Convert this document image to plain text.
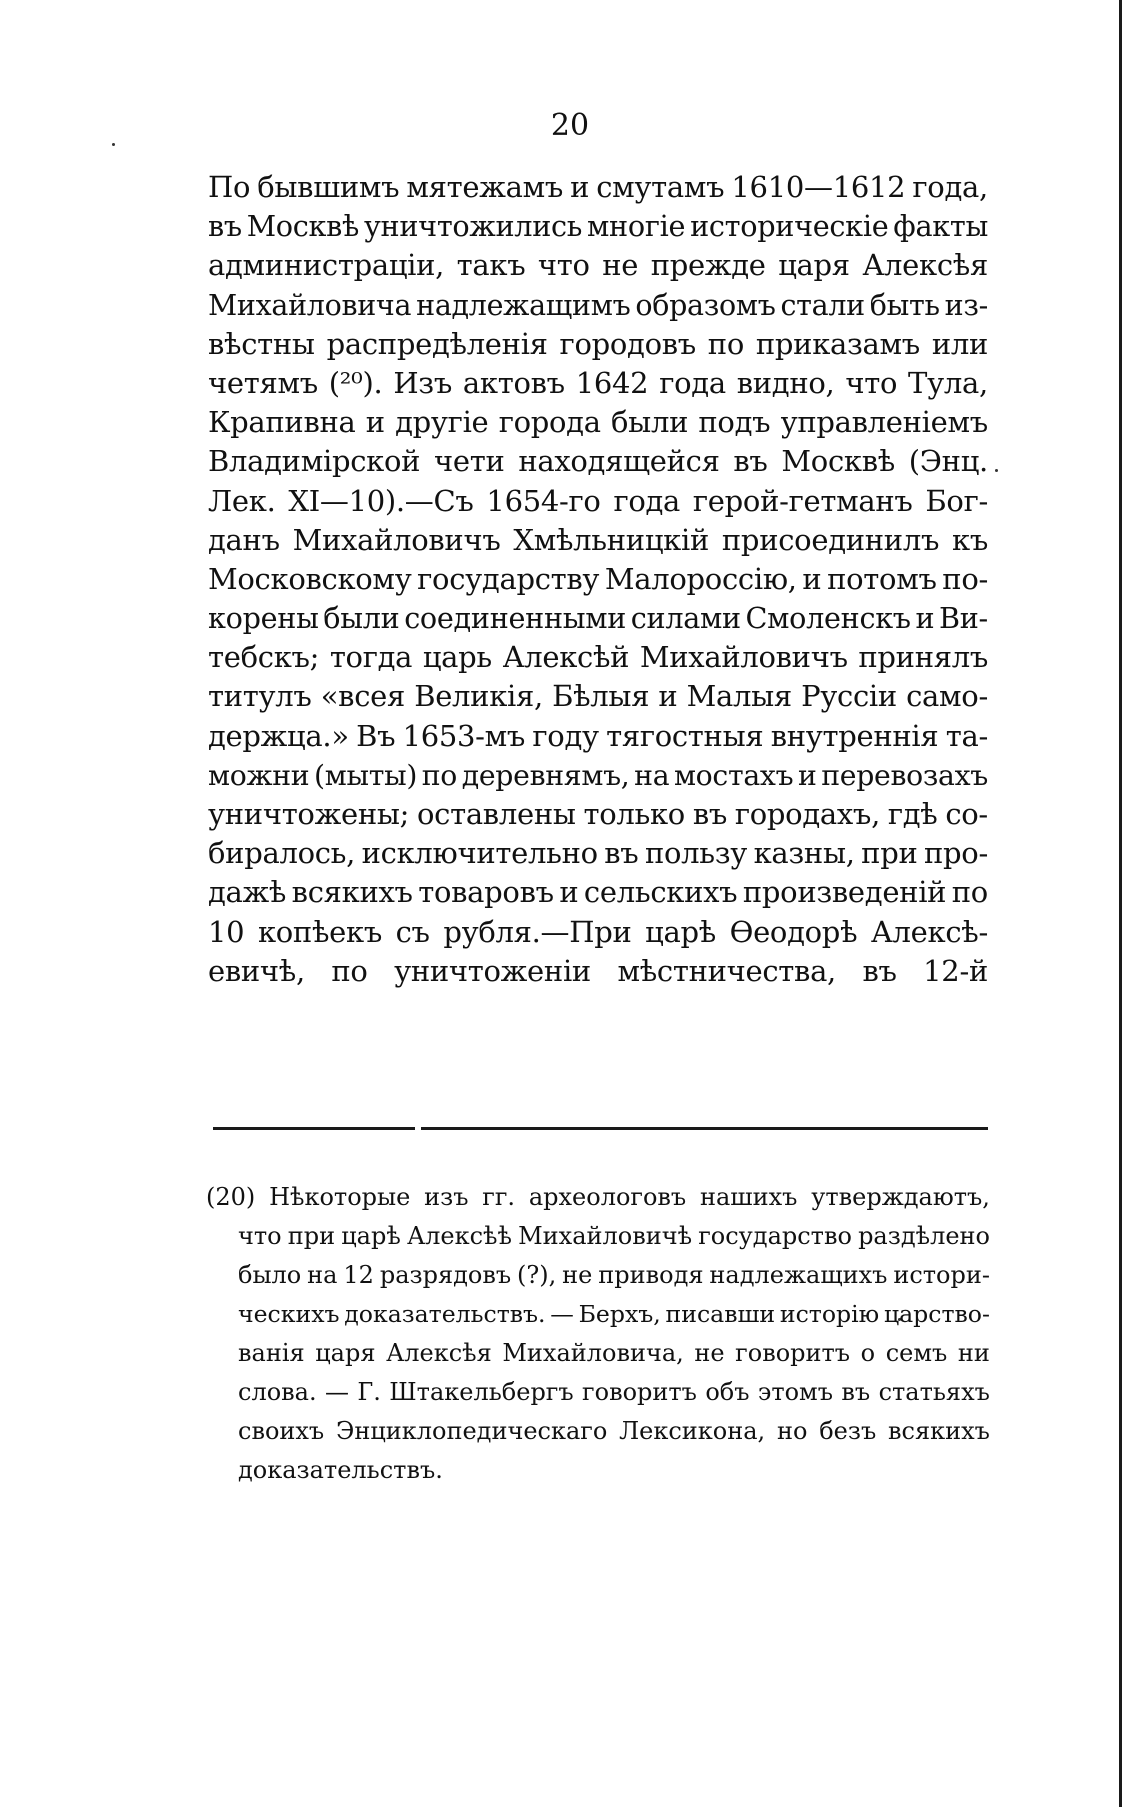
20
По бывшимъ мятежамъ и смутамъ 1610—1612 года,
въ Москвѣ уничтожились многіе историческіе факты
администраціи, такъ что не прежде царя Алексѣя
Михайловича надлежащимъ образомъ стали быть из-
вѣстны распредѣленія городовъ по приказамъ или
четямъ (²⁰). Изъ актовъ 1642 года видно, что Тула,
Крапивна и другіе города были подъ управленіемъ
Владимірской чети находящейся въ Москвѣ (Энц.
Лек. XI—10).—Съ 1654-го года герой-гетманъ Бог-
данъ Михайловичъ Хмѣльницкій присоединилъ къ
Московскому государству Малороссію, и потомъ по-
корены были соединенными силами Смоленскъ и Ви-
тебскъ; тогда царь Алексѣй Михайловичъ принялъ
титулъ «всея Великія, Бѣлыя и Малыя Руссіи само-
держца.» Въ 1653-мъ году тягостныя внутреннія та-
можни (мыты) по деревнямъ, на мостахъ и перевозахъ
уничтожены; оставлены только въ городахъ, гдѣ со-
биралось, исключительно въ пользу казны, при про-
дажѣ всякихъ товаровъ и сельскихъ произведеній по
10 копѣекъ съ рубля.—При царѣ Ѳеодорѣ Алексѣ-
евичѣ, по уничтоженіи мѣстничества, въ 12-й
(20) Нѣкоторые изъ гг. археологовъ нашихъ утверждаютъ,
что при царѣ Алексѣѣ Михайловичѣ государство раздѣлено
было на 12 разрядовъ (?), не приводя надлежащихъ истори-
ческихъ доказательствъ. — Берхъ, писавши исторію царство-
ванія царя Алексѣя Михайловича, не говоритъ о семъ ни
слова. — Г. Штакельбергъ говоритъ объ этомъ въ статьяхъ
своихъ Энциклопедическаго Лексикона, но безъ всякихъ
доказательствъ.
